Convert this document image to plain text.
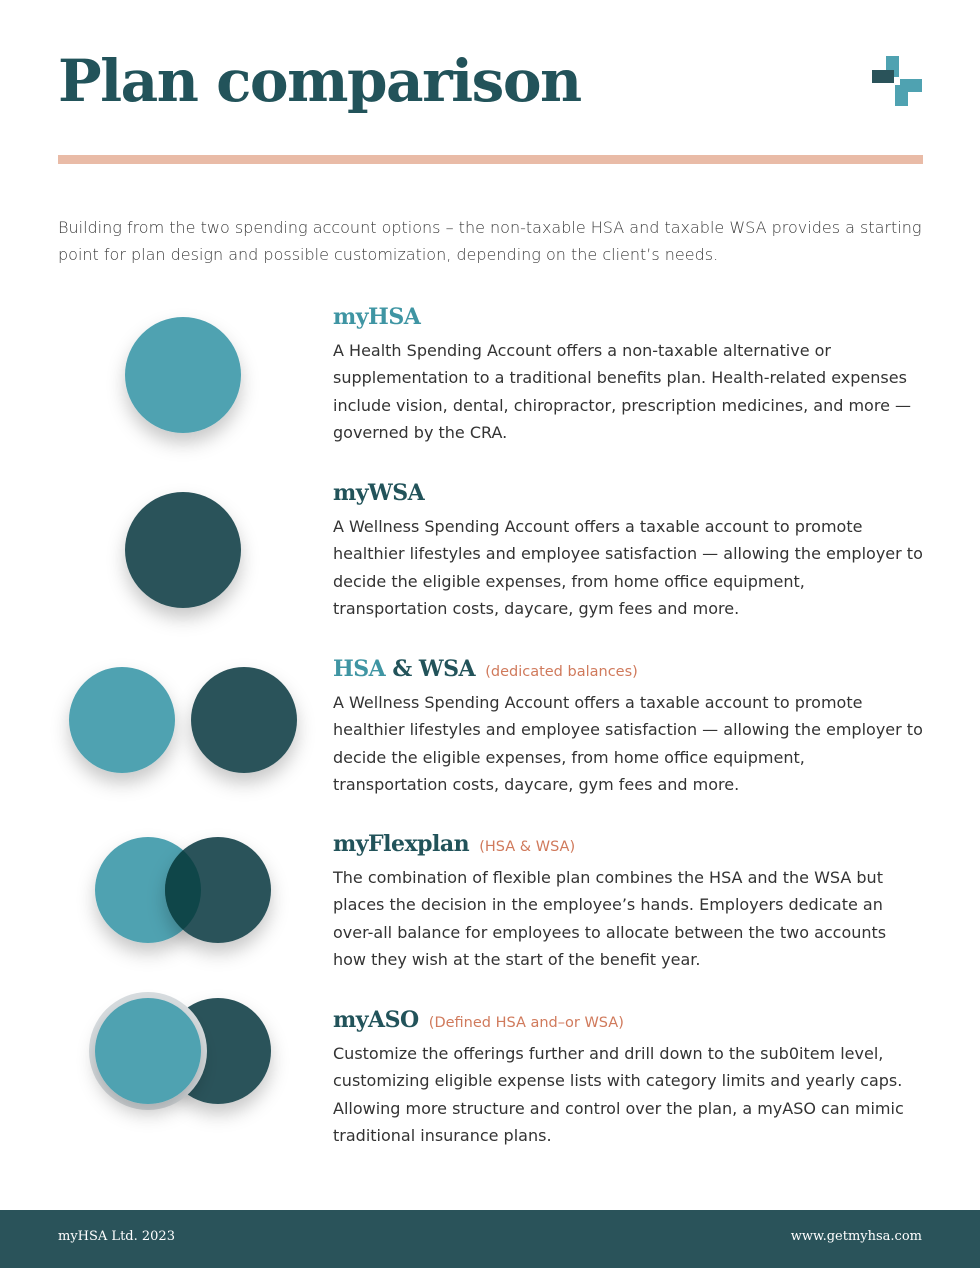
Plan comparison

Building from the two spending account options – the non-taxable HSA and taxable WSA provides a starting point for plan design and possible customization, depending on the client’s needs.

myHSA

A Health Spending Account offers a non-taxable alternative or supplementation to a traditional benefits plan. Health-related expenses include vision, dental, chiropractor, prescription medicines, and more — governed by the CRA.

myWSA

A Wellness Spending Account offers a taxable account to promote healthier lifestyles and employee satisfaction — allowing the employer to decide the eligible expenses, from home office equipment, transportation costs, daycare, gym fees and more.

HSA & WSA (dedicated balances)

A Wellness Spending Account offers a taxable account to promote healthier lifestyles and employee satisfaction — allowing the employer to decide the eligible expenses, from home office equipment, transportation costs, daycare, gym fees and more.

myFlexplan (HSA & WSA)

The combination of flexible plan combines the HSA and the WSA but places the decision in the employee’s hands. Employers dedicate an over-all balance for employees to allocate between the two accounts how they wish at the start of the benefit year.

myASO (Defined HSA and–or WSA)

Customize the offerings further and drill down to the sub0item level, customizing eligible expense lists with category limits and yearly caps. Allowing more structure and control over the plan, a myASO can mimic traditional insurance plans.

myHSA Ltd. 2023	www.getmyhsa.com
